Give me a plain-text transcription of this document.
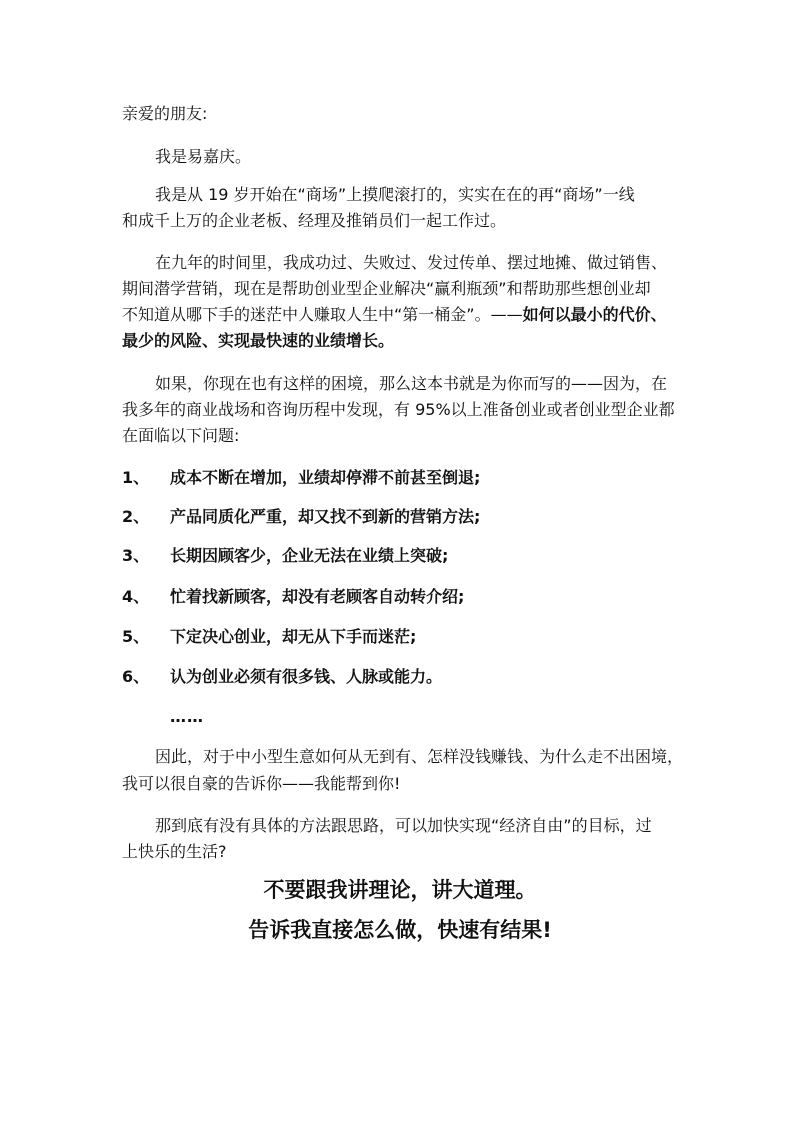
亲爱的朋友:

我是易嘉庆。

我是从 19 岁开始在“商场”上摸爬滚打的，实实在在的再“商场”一线

和成千上万的企业老板、经理及推销员们一起工作过。

在九年的时间里，我成功过、失败过、发过传单、摆过地摊、做过销售、

期间潜学营销，现在是帮助创业型企业解决“赢利瓶颈”和帮助那些想创业却

不知道从哪下手的迷茫中人赚取人生中“第一桶金”。——如何以最小的代价、

最少的风险、实现最快速的业绩增长。

如果，你现在也有这样的困境，那么这本书就是为你而写的——因为，在

我多年的商业战场和咨询历程中发现，有 95%以上准备创业或者创业型企业都

在面临以下问题:

1、 成本不断在增加，业绩却停滞不前甚至倒退;
2、 产品同质化严重，却又找不到新的营销方法;
3、 长期因顾客少，企业无法在业绩上突破;
4、 忙着找新顾客，却没有老顾客自动转介绍;
5、 下定决心创业，却无从下手而迷茫;
6、 认为创业必须有很多钱、人脉或能力。
……

因此，对于中小型生意如何从无到有、怎样没钱赚钱、为什么走不出困境，

我可以很自豪的告诉你——我能帮到你!

那到底有没有具体的方法跟思路，可以加快实现“经济自由”的目标，过

上快乐的生活?

不要跟我讲理论，讲大道理。
告诉我直接怎么做，快速有结果!
